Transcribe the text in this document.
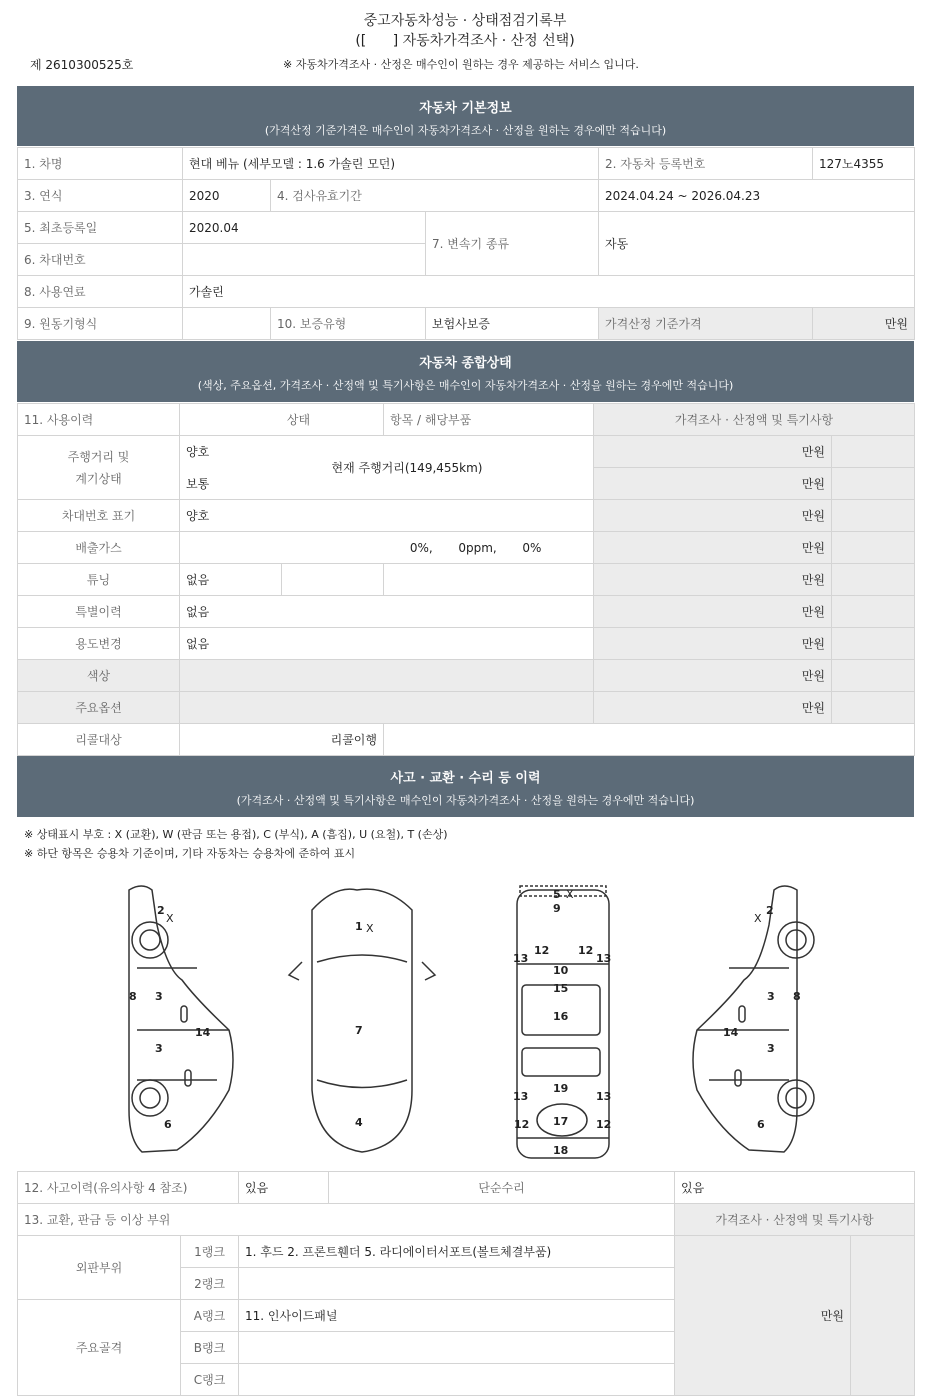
중고자동차성능 · 상태점검기록부
([ ] 자동차가격조사 · 산정 선택)
제 2610300525호	※ 자동차가격조사 · 산정은 매수인이 원하는 경우 제공하는 서비스 입니다.
자동차 기본정보
(가격산정 기준가격은 매수인이 자동차가격조사 · 산정을 원하는 경우에만 적습니다)
1. 차명	현대 베뉴 (세부모델 : 1.6 가솔린 모던)			2. 자동차 등록번호	127노4355
3. 연식	2020	4. 검사유효기간		2024.04.24 ~ 2026.04.23	
5. 최초등록일	2020.04		7. 변속기 종류	자동	
6. 차대번호					
8. 사용연료	가솔린				
9. 원동기형식		10. 보증유형	보험사보증	가격산정 기준가격	만원
자동차 종합상태
(색상, 주요옵션, 가격조사 · 산정액 및 특기사항은 매수인이 자동차가격조사 · 산정을 원하는 경우에만 적습니다)
11. 사용이력	상태		항목 / 해당부품	가격조사 · 산정액 및 특기사항	
주행거리 및
계기상태	양호	현재 주행거리(149,455km)		만원	
	보통			만원	
차대번호 표기	양호			만원	
배출가스	0%, 0ppm, 0%			만원	
튜닝	없음			만원	
특별이력	없음			만원	
용도변경	없음			만원	
색상				만원	
주요옵션				만원	
리콜대상	리콜이행				
사고 · 교환 · 수리 등 이력
(가격조사 · 산정액 및 특기사항은 매수인이 자동차가격조사 · 산정을 원하는 경우에만 적습니다)
※ 상태표시 부호 : X (교환), W (판금 또는 용접), C (부식), A (흠집), U (요철), T (손상)
※ 하단 항목은 승용차 기준이며, 기타 자동차는 승용차에 준하여 표시
2
X
3
3
8
14
6
1 X
7
4
5 X
9
10
15
16
19
17
18
12	12
12	12
13	13
13	13
2
X
3
3
8
14
6
12. 사고이력(유의사항 4 참조)		있음	단순수리	있음	
13. 교환, 판금 등 이상 부위				가격조사 · 산정액 및 특기사항	
외판부위	1랭크	1. 후드 2. 프론트휀더 5. 라디에이터서포트(볼트체결부품)		만원	
	2랭크				
주요골격	A랭크	11. 인사이드패널			
	B랭크				
	C랭크				
